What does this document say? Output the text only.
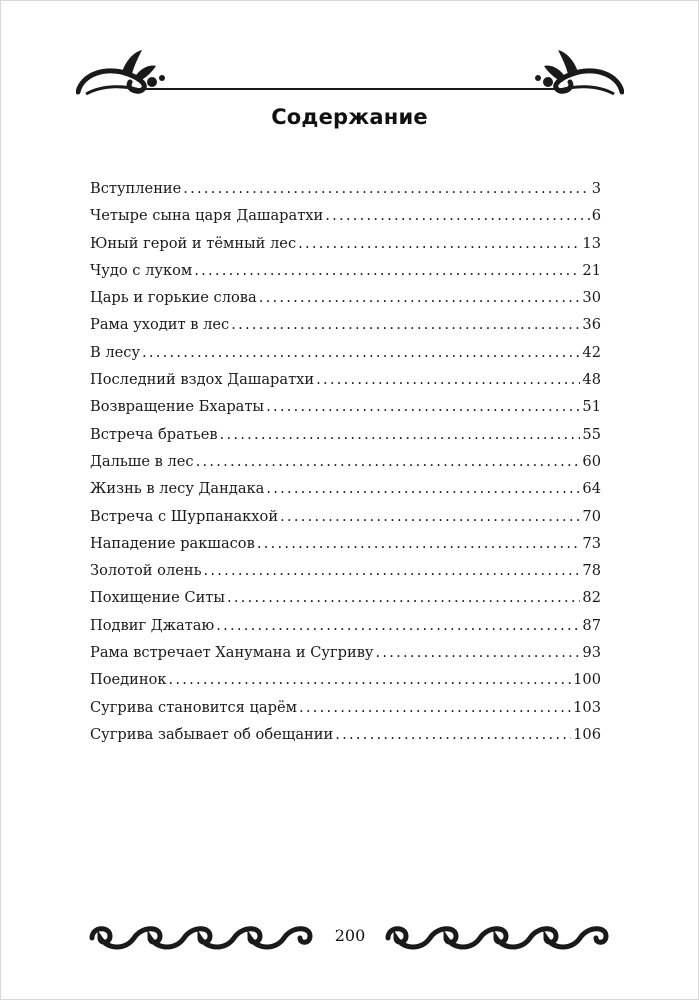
Содержание
Вступление . . .	3
Четыре сына царя Дашаратхи . . .	6
Юный герой и тёмный лес . . .	13
Чудо с луком . . .	21
Царь и горькие слова . . .	30
Рама уходит в лес . . .	36
В лесу . . .	42
Последний вздох Дашаратхи . . .	48
Возвращение Бхараты . . .	51
Встреча братьев . . .	55
Дальше в лес . . .	60
Жизнь в лесу Дандака . . .	64
Встреча с Шурпанакхой . . .	70
Нападение ракшасов . . .	73
Золотой олень . . .	78
Похищение Ситы . . .	82
Подвиг Джатаю . . .	87
Рама встречает Ханумана и Сугриву . . .	93
Поединок . . .	100
Сугрива становится царём . . .	103
Сугрива забывает об обещании . . .	106
200
